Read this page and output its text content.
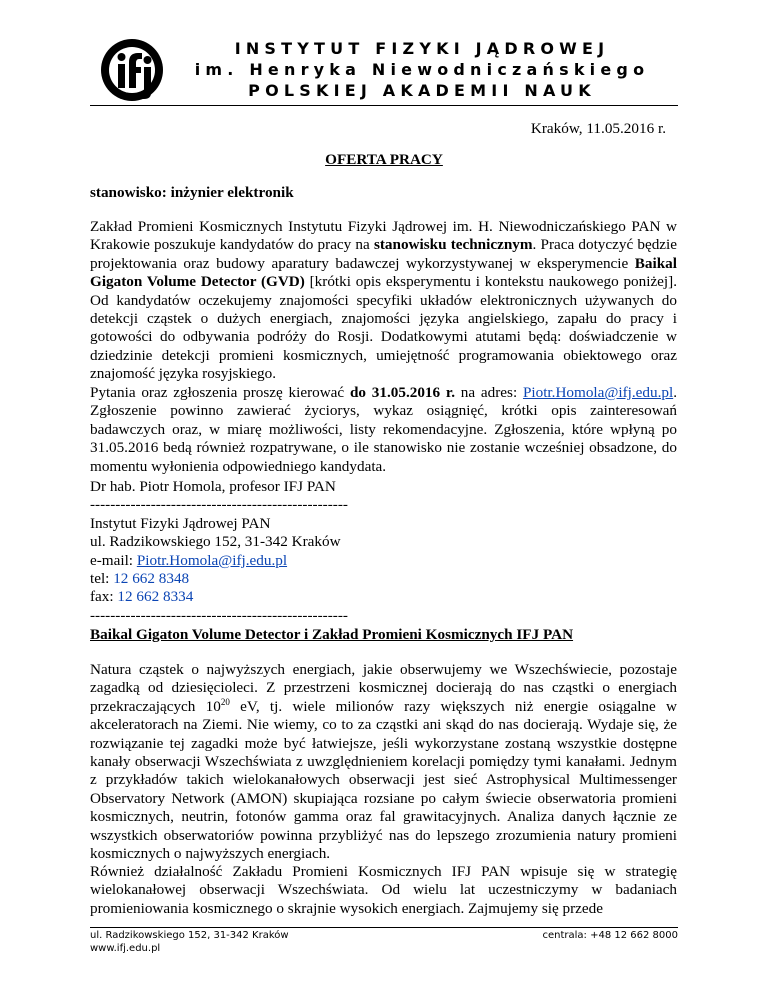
INSTYTUT FIZYKI JĄDROWEJ
im. Henryka Niewodniczańskiego
POLSKIEJ AKADEMII NAUK
Kraków, 11.05.2016 r.
OFERTA PRACY
stanowisko: inżynier elektronik
Zakład Promieni Kosmicznych Instytutu Fizyki Jądrowej im. H. Niewodniczańskiego PAN w Krakowie poszukuje kandydatów do pracy na stanowisku technicznym. Praca dotyczyć będzie projektowania oraz budowy aparatury badawczej wykorzystywanej w eksperymencie Baikal Gigaton Volume Detector (GVD) [krótki opis eksperymentu i kontekstu naukowego poniżej]. Od kandydatów oczekujemy znajomości specyfiki układów elektronicznych używanych do detekcji cząstek o dużych energiach, znajomości języka angielskiego, zapału do pracy i gotowości do odbywania podróży do Rosji. Dodatkowymi atutami będą: doświadczenie w dziedzinie detekcji promieni kosmicznych, umiejętność programowania obiektowego oraz znajomość języka rosyjskiego.
Pytania oraz zgłoszenia proszę kierować do 31.05.2016 r. na adres: Piotr.Homola@ifj.edu.pl. Zgłoszenie powinno zawierać życiorys, wykaz osiągnięć, krótki opis zainteresowań badawczych oraz, w miarę możliwości, listy rekomendacyjne. Zgłoszenia, które wpłyną po 31.05.2016 bedą również rozpatrywane, o ile stanowisko nie zostanie wcześniej obsadzone, do momentu wyłonienia odpowiedniego kandydata.
Dr hab. Piotr Homola, profesor IFJ PAN
---------------------------------------------------
Instytut Fizyki Jądrowej PAN
ul. Radzikowskiego 152, 31-342 Kraków
e-mail: Piotr.Homola@ifj.edu.pl
tel: 12 662 8348
fax: 12 662 8334
---------------------------------------------------
Baikal Gigaton Volume Detector i Zakład Promieni Kosmicznych IFJ PAN
Natura cząstek o najwyższych energiach, jakie obserwujemy we Wszechświecie, pozostaje zagadką od dziesięcioleci. Z przestrzeni kosmicznej docierają do nas cząstki o energiach przekraczających $10^{20}$ eV, tj. wiele milionów razy większych niż energie osiągalne w akceleratorach na Ziemi. Nie wiemy, co to za cząstki ani skąd do nas docierają. Wydaje się, że rozwiązanie tej zagadki może być łatwiejsze, jeśli wykorzystane zostaną wszystkie dostępne kanały obserwacji Wszechświata z uwzględnieniem korelacji pomiędzy tymi kanałami. Jednym z przykładów takich wielokanałowych obserwacji jest sieć Astrophysical Multimessenger Observatory Network (AMON) skupiająca rozsiane po całym świecie obserwatoria promieni kosmicznych, neutrin, fotonów gamma oraz fal grawitacyjnych. Analiza danych łącznie ze wszystkich obserwatoriów powinna przybliżyć nas do lepszego zrozumienia natury promieni kosmicznych o najwyższych energiach.
Również działalność Zakładu Promieni Kosmicznych IFJ PAN wpisuje się w strategię wielokanałowej obserwacji Wszechświata. Od wielu lat uczestniczymy w badaniach promieniowania kosmicznego o skrajnie wysokich energiach. Zajmujemy się przede
ul. Radzikowskiego 152, 31-342 Kraków
www.ifj.edu.pl
centrala: +48 12 662 8000
